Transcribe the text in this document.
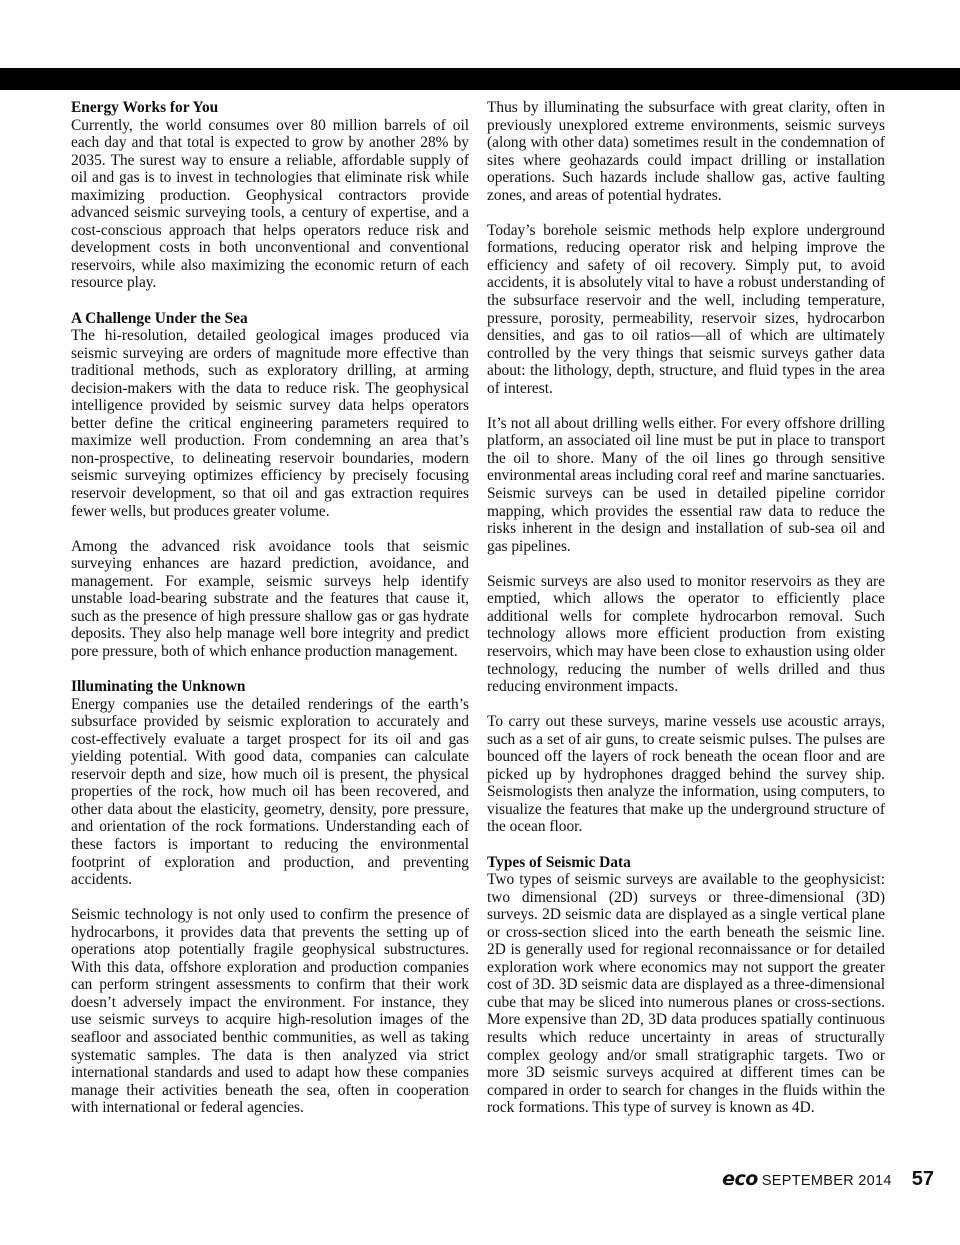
Energy Works for You

Currently, the world consumes over 80 million barrels of oil each day and that total is expected to grow by another 28% by 2035. The surest way to ensure a reliable, affordable supply of oil and gas is to invest in technologies that eliminate risk while maximizing production. Geophysical contractors provide advanced seismic surveying tools, a century of expertise, and a cost-conscious approach that helps operators reduce risk and development costs in both unconventional and conventional reservoirs, while also maximizing the economic return of each resource play.

A Challenge Under the Sea

The hi-resolution, detailed geological images produced via seismic surveying are orders of magnitude more effective than traditional methods, such as exploratory drilling, at arming decision-makers with the data to reduce risk. The geophysical intelligence provided by seismic survey data helps operators better define the critical engineering parameters required to maximize well production. From condemning an area that’s non-prospective, to delineating reservoir boundaries, modern seismic surveying optimizes efficiency by precisely focusing reservoir development, so that oil and gas extraction requires fewer wells, but produces greater volume.

Among the advanced risk avoidance tools that seismic surveying enhances are hazard prediction, avoidance, and management. For example, seismic surveys help identify unstable load-bearing substrate and the features that cause it, such as the presence of high pressure shallow gas or gas hydrate deposits. They also help manage well bore integrity and predict pore pressure, both of which enhance production management.

Illuminating the Unknown

Energy companies use the detailed renderings of the earth’s subsurface provided by seismic exploration to accurately and cost-effectively evaluate a target prospect for its oil and gas yielding potential. With good data, companies can calculate reservoir depth and size, how much oil is present, the physical properties of the rock, how much oil has been recovered, and other data about the elasticity, geometry, density, pore pressure, and orientation of the rock formations. Understanding each of these factors is important to reducing the environmental footprint of exploration and production, and preventing accidents.

Seismic technology is not only used to confirm the presence of hydrocarbons, it provides data that prevents the setting up of operations atop potentially fragile geophysical substructures. With this data, offshore exploration and production companies can perform stringent assessments to confirm that their work doesn’t adversely impact the environment. For instance, they use seismic surveys to acquire high-resolution images of the seafloor and associated benthic communities, as well as taking systematic samples. The data is then analyzed via strict international standards and used to adapt how these companies manage their activities beneath the sea, often in cooperation with international or federal agencies.

Thus by illuminating the subsurface with great clarity, often in previously unexplored extreme environments, seismic surveys (along with other data) sometimes result in the condemnation of sites where geohazards could impact drilling or installation operations. Such hazards include shallow gas, active faulting zones, and areas of potential hydrates.

Today’s borehole seismic methods help explore underground formations, reducing operator risk and helping improve the efficiency and safety of oil recovery. Simply put, to avoid accidents, it is absolutely vital to have a robust understanding of the subsurface reservoir and the well, including temperature, pressure, porosity, permeability, reservoir sizes, hydrocarbon densities, and gas to oil ratios—all of which are ultimately controlled by the very things that seismic surveys gather data about: the lithology, depth, structure, and fluid types in the area of interest.

It’s not all about drilling wells either. For every offshore drilling platform, an associated oil line must be put in place to transport the oil to shore. Many of the oil lines go through sensitive environmental areas including coral reef and marine sanctuaries. Seismic surveys can be used in detailed pipeline corridor mapping, which provides the essential raw data to reduce the risks inherent in the design and installation of sub-sea oil and gas pipelines.

Seismic surveys are also used to monitor reservoirs as they are emptied, which allows the operator to efficiently place additional wells for complete hydrocarbon removal. Such technology allows more efficient production from existing reservoirs, which may have been close to exhaustion using older technology, reducing the number of wells drilled and thus reducing environment impacts.

To carry out these surveys, marine vessels use acoustic arrays, such as a set of air guns, to create seismic pulses. The pulses are bounced off the layers of rock beneath the ocean floor and are picked up by hydrophones dragged behind the survey ship. Seismologists then analyze the information, using computers, to visualize the features that make up the underground structure of the ocean floor.

Types of Seismic Data

Two types of seismic surveys are available to the geophysicist: two dimensional (2D) surveys or three-dimensional (3D) surveys. 2D seismic data are displayed as a single vertical plane or cross-section sliced into the earth beneath the seismic line. 2D is generally used for regional reconnaissance or for detailed exploration work where economics may not support the greater cost of 3D. 3D seismic data are displayed as a three-dimensional cube that may be sliced into numerous planes or cross-sections. More expensive than 2D, 3D data produces spatially continuous results which reduce uncertainty in areas of structurally complex geology and/or small stratigraphic targets. Two or more 3D seismic surveys acquired at different times can be compared in order to search for changes in the fluids within the rock formations. This type of survey is known as 4D.

eco SEPTEMBER 2014 57
